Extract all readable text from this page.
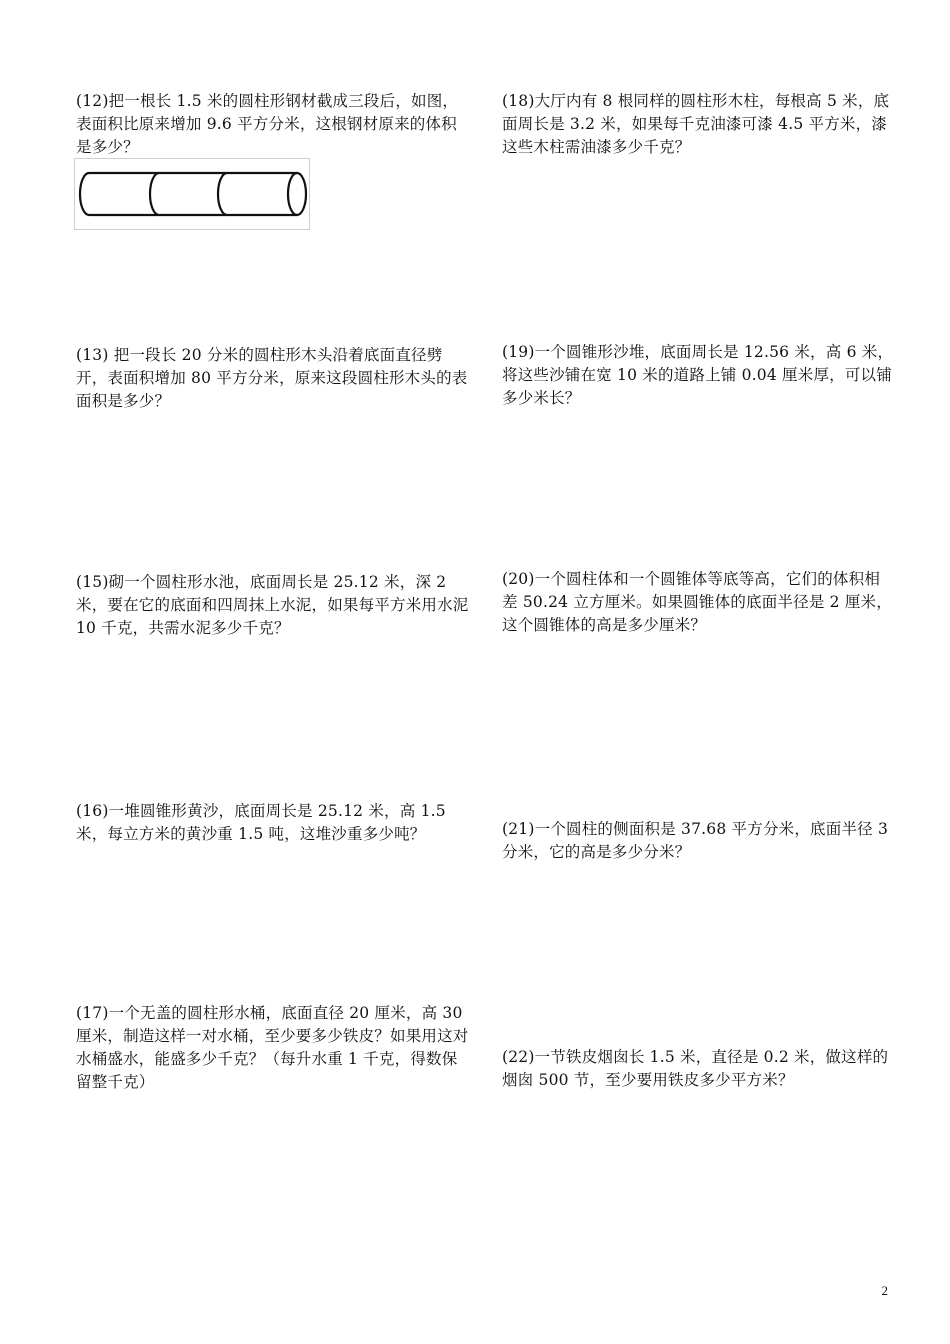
(12)把一根长 1.5 米的圆柱形钢材截成三段后，如图，表面积比原来增加 9.6 平方分米，这根钢材原来的体积是多少？

(13) 把一段长 20 分米的圆柱形木头沿着底面直径劈开，表面积增加 80 平方分米，原来这段圆柱形木头的表面积是多少？

(15)砌一个圆柱形水池，底面周长是 25.12 米，深 2 米，要在它的底面和四周抹上水泥，如果每平方米用水泥 10 千克，共需水泥多少千克？

(16)一堆圆锥形黄沙，底面周长是 25.12 米，高 1.5 米，每立方米的黄沙重 1.5 吨，这堆沙重多少吨？

(17)一个无盖的圆柱形水桶，底面直径 20 厘米，高 30 厘米，制造这样一对水桶，至少要多少铁皮？如果用这对水桶盛水，能盛多少千克？（每升水重 1 千克，得数保留整千克）

(18)大厅内有 8 根同样的圆柱形木柱，每根高 5 米，底面周长是 3.2 米，如果每千克油漆可漆 4.5 平方米，漆这些木柱需油漆多少千克？

(19)一个圆锥形沙堆，底面周长是 12.56 米，高 6 米，将这些沙铺在宽 10 米的道路上铺 0.04 厘米厚，可以铺多少米长？

(20)一个圆柱体和一个圆锥体等底等高，它们的体积相差 50.24 立方厘米。如果圆锥体的底面半径是 2 厘米，这个圆锥体的高是多少厘米？

(21)一个圆柱的侧面积是 37.68 平方分米，底面半径 3 分米，它的高是多少分米？

(22)一节铁皮烟囱长 1.5 米，直径是 0.2 米，做这样的烟囱 500 节，至少要用铁皮多少平方米？

2
